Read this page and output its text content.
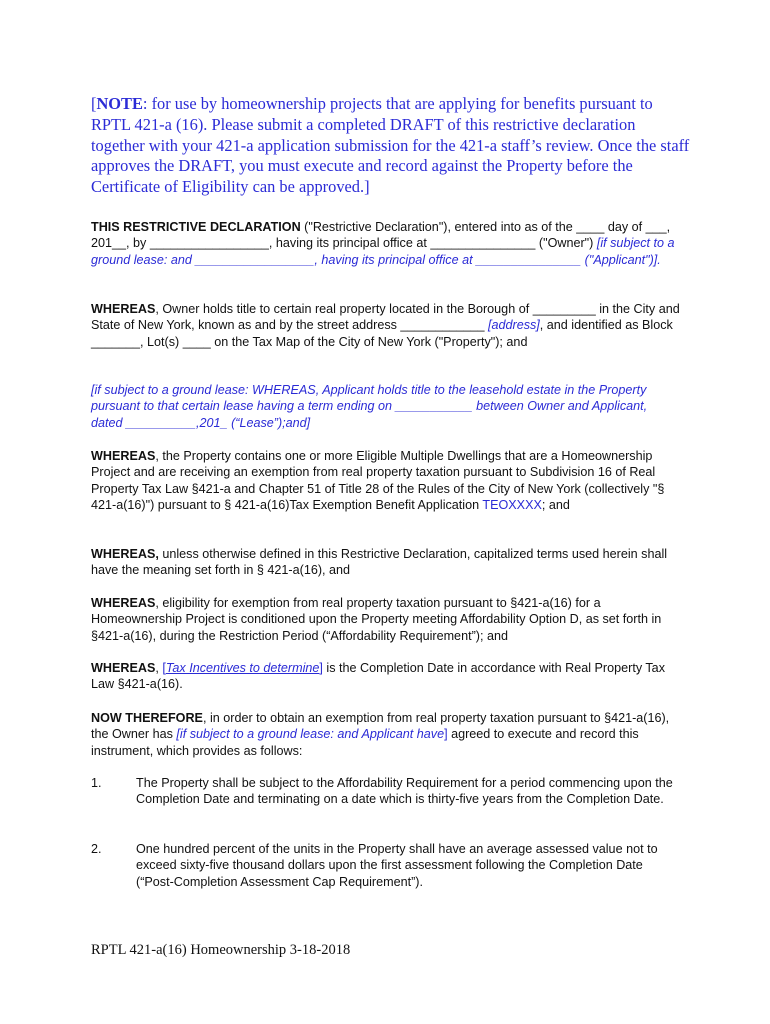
[NOTE: for use by homeownership projects that are applying for benefits pursuant to RPTL 421-a (16). Please submit a completed DRAFT of this restrictive declaration together with your 421-a application submission for the 421-a staff’s review. Once the staff approves the DRAFT, you must execute and record against the Property before the Certificate of Eligibility can be approved.]
THIS RESTRICTIVE DECLARATION ("Restrictive Declaration"), entered into as of the ____ day of ___, 201__, by _________________, having its principal office at _______________ ("Owner") [if subject to a ground lease: and _________________, having its principal office at _______________ ("Applicant")].
WHEREAS, Owner holds title to certain real property located in the Borough of _________ in the City and State of New York, known as and by the street address ____________ [address], and identified as Block _______, Lot(s) ____ on the Tax Map of the City of New York ("Property"); and
[if subject to a ground lease: WHEREAS, Applicant holds title to the leasehold estate in the Property pursuant to that certain lease having a term ending on ___________ between Owner and Applicant, dated __________,201_ (“Lease”);and]
WHEREAS, the Property contains one or more Eligible Multiple Dwellings that are a Homeownership Project and are receiving an exemption from real property taxation pursuant to Subdivision 16 of Real Property Tax Law §421-a and Chapter 51 of Title 28 of the Rules of the City of New York (collectively "§ 421-a(16)") pursuant to § 421-a(16)Tax Exemption Benefit Application TEOXXXX; and
WHEREAS, unless otherwise defined in this Restrictive Declaration, capitalized terms used herein shall have the meaning set forth in § 421-a(16), and
WHEREAS, eligibility for exemption from real property taxation pursuant to §421-a(16) for a Homeownership Project is conditioned upon the Property meeting Affordability Option D, as set forth in §421-a(16), during the Restriction Period (“Affordability Requirement”); and
WHEREAS, [Tax Incentives to determine] is the Completion Date in accordance with Real Property Tax Law §421-a(16).
NOW THEREFORE, in order to obtain an exemption from real property taxation pursuant to §421-a(16), the Owner has [if subject to a ground lease: and Applicant have] agreed to execute and record this instrument, which provides as follows:
1.	The Property shall be subject to the Affordability Requirement for a period commencing upon the Completion Date and terminating on a date which is thirty-five years from the Completion Date.
2.	One hundred percent of the units in the Property shall have an average assessed value not to exceed sixty-five thousand dollars upon the first assessment following the Completion Date (“Post-Completion Assessment Cap Requirement”).
RPTL 421-a(16) Homeownership 3-18-2018
